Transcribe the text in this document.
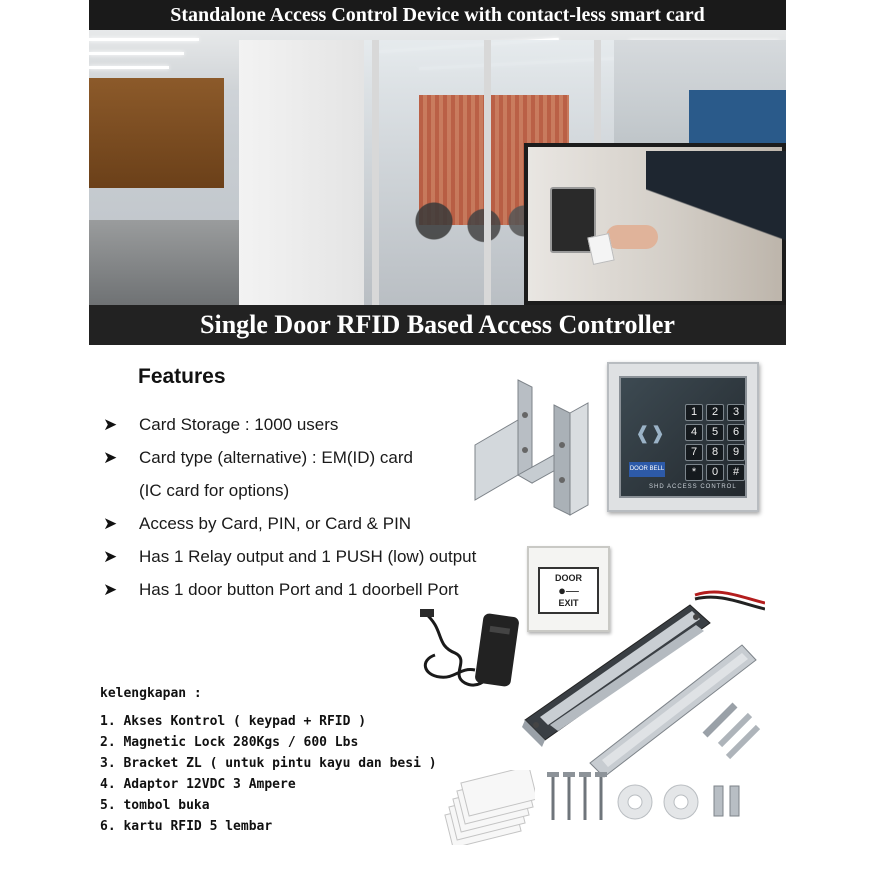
Standalone Access Control Device with contact-less smart card
Single Door RFID Based Access Controller
Features
➤	Card Storage : 1000 users
➤	Card type (alternative) : EM(ID) card
(IC card for options)
➤	Access by Card, PIN, or Card & PIN
➤	Has 1 Relay output and 1 PUSH (low) output
➤	Has 1 door button Port and 1 doorbell Port
kelengkapan :
1. Akses Kontrol ( keypad + RFID )
2. Magnetic Lock 280Kgs / 600 Lbs
3. Bracket ZL ( untuk pintu kayu dan besi )
4. Adaptor 12VDC 3 Ampere
5. tombol buka
6. kartu RFID 5 lembar
❰❱
1	2	3
4	5	6
7	8	9
*	0	#
DOOR BELL
SHD ACCESS CONTROL
DOOR
●—
EXIT
